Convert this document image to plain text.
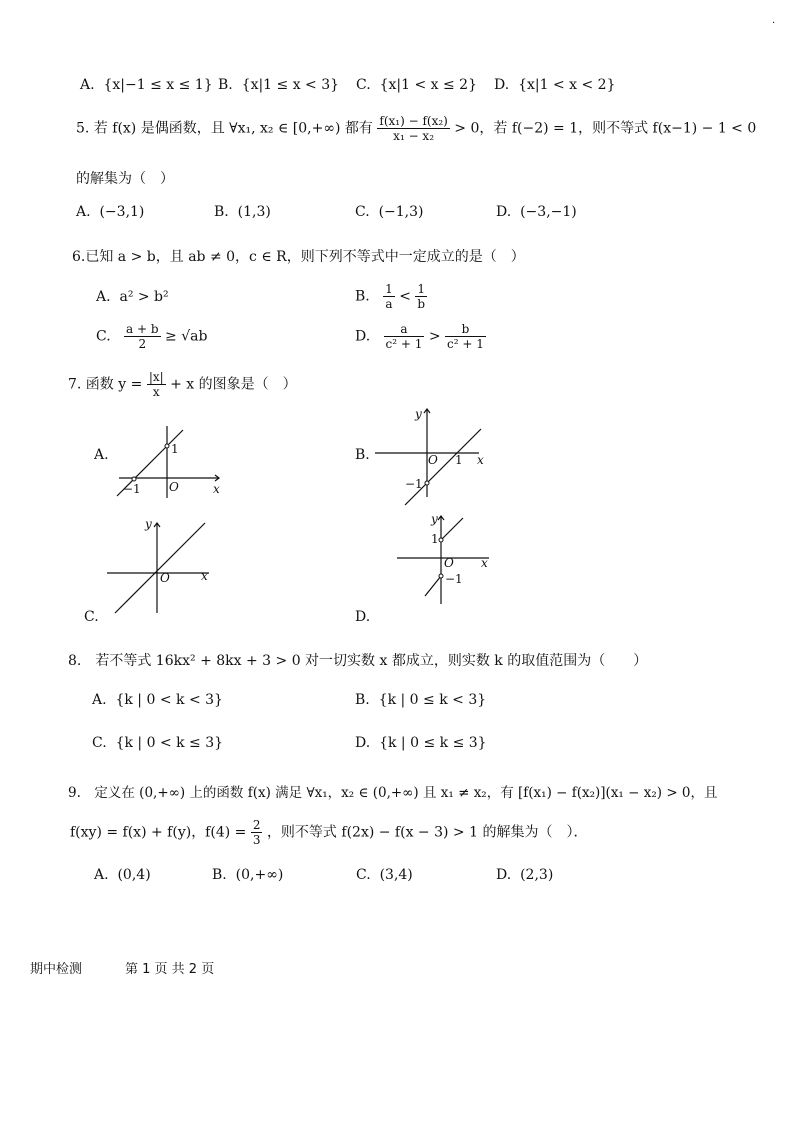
·
A. {x|−1 ≤ x ≤ 1} B. {x|1 ≤ x < 3} C. {x|1 < x ≤ 2} D. {x|1 < x < 2}
5. 若 f(x) 是偶函数，且 ∀x₁, x₂ ∈ [0,+∞) 都有 $\frac{\text{f(x₁) − f(x₂)}}{\text{x₁ − x₂}} > 0$，若 f(−2) = 1，则不等式 f(x−1) − 1 < 0
的解集为（　）
A. (−3,1)	B. (1,3)	C. (−1,3)	D. (−3,−1)
6.已知 a > b，且 ab ≠ 0，c ∈ R，则下列不等式中一定成立的是（　）
A. a² > b²	B. $\frac{1}{a} < \frac{1}{b}$
C. $\frac{a + b}{2} \ge √ab$	D. $\frac{a}{\text{c² + 1}} > \frac{b}{\text{c² + 1}}$
7. 函数 $y = \frac{|x|}{x} + x$ 的图象是（　）
A.	1
−1 O	x
B.
y
O 1 x
−1
C.
y
O	x
D.
y
1
O x
−1
8.　若不等式 16kx² + 8kx + 3 > 0 对一切实数 x 都成立，则实数 k 的取值范围为（　　）
A. {k | 0 < k < 3}	B. {k | 0 ≤ k < 3}
C. {k | 0 < k ≤ 3}	D. {k | 0 ≤ k ≤ 3}
9.　定义在 (0,+∞) 上的函数 f(x) 满足 ∀x₁，x₂ ∈ (0,+∞) 且 x₁ ≠ x₂，有 [f(x₁) − f(x₂)](x₁ − x₂) > 0，且
f(xy) = f(x) + f(y)，$f(4) = \frac{2}{3}$ ，则不等式 f(2x) − f(x − 3) > 1 的解集为（　）．
A. (0,4)	B. (0,+∞)	C. (3,4)	D. (2,3)
期中检测	第 1 页 共 2 页
